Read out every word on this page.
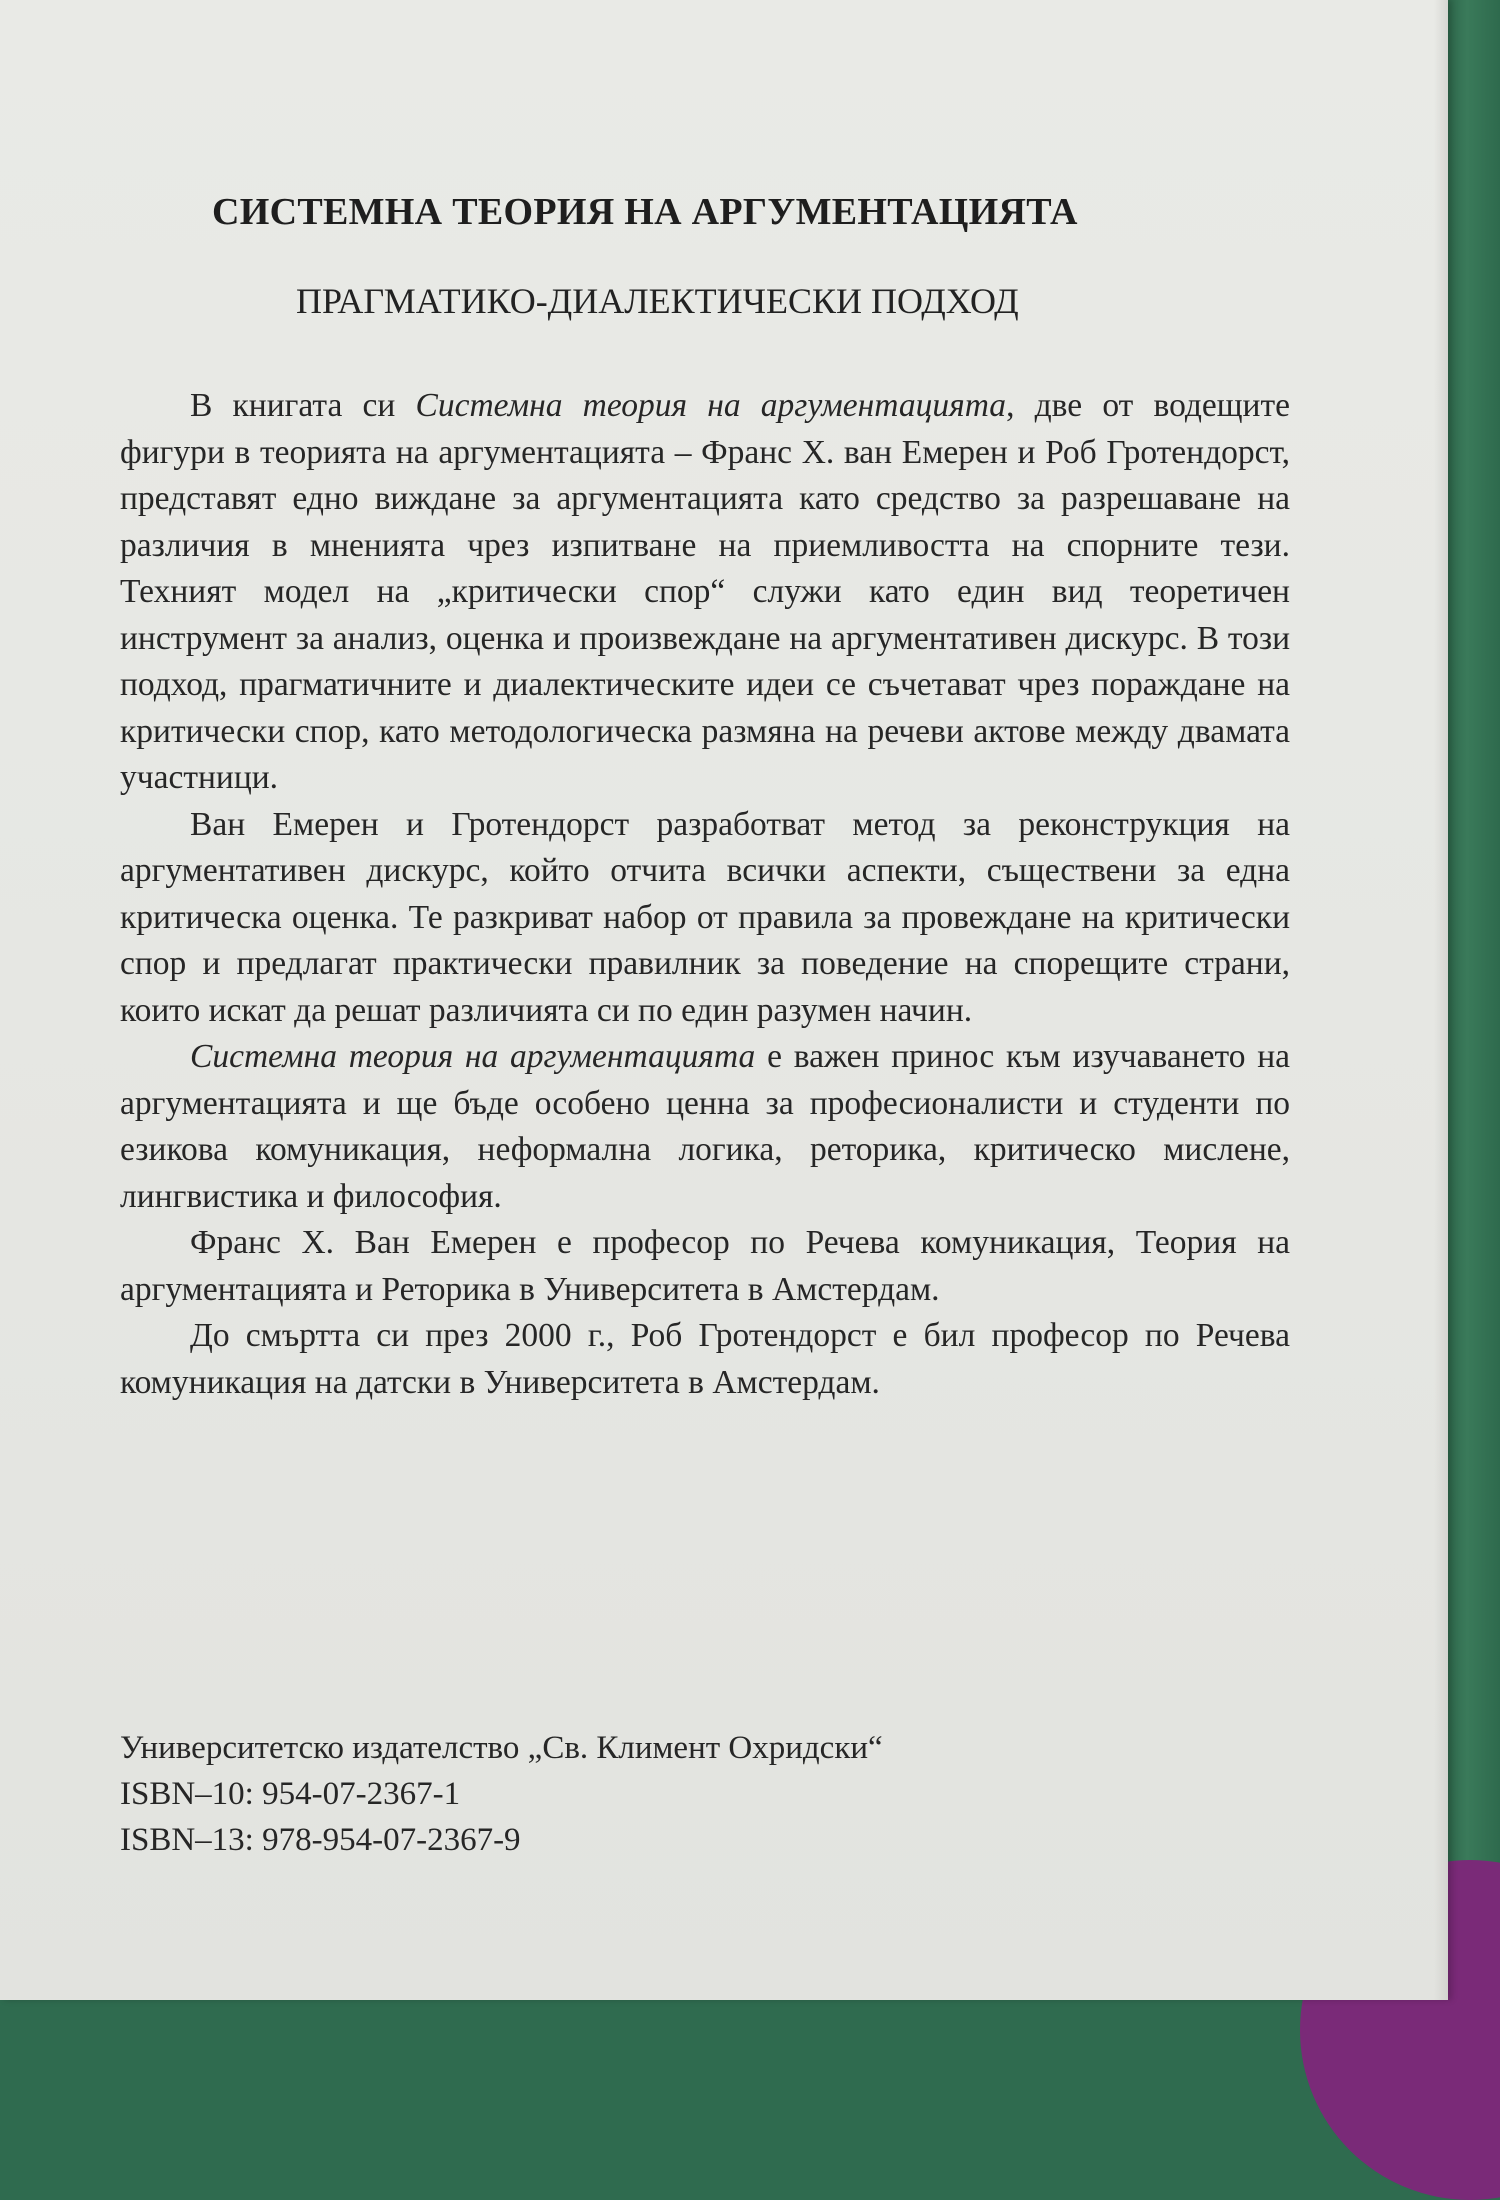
СИСТЕМНА ТЕОРИЯ НА АРГУМЕНТАЦИЯТА
ПРАГМАТИКО-ДИАЛЕКТИЧЕСКИ ПОДХОД

В книгата си Системна теория на аргументацията, две от водещите фигури в теорията на аргументацията – Франс Х. ван Емерен и Роб Гротендорст, представят едно виждане за аргументацията като средство за разрешаване на различия в мненията чрез изпитване на приемливостта на спорните тези. Техният модел на „критически спор“ служи като един вид теоретичен инструмент за анализ, оценка и произвеждане на аргументативен дискурс. В този подход, прагматичните и диалектическите идеи се съчетават чрез пораждане на критически спор, като методологическа размяна на речеви актове между двамата участници.

Ван Емерен и Гротендорст разработват метод за реконструкция на аргументативен дискурс, който отчита всички аспекти, съществени за една критическа оценка. Те разкриват набор от правила за провеждане на критически спор и предлагат практически правилник за поведение на спорещите страни, които искат да решат различията си по един разумен начин.

Системна теория на аргументацията е важен принос към изучаването на аргументацията и ще бъде особено ценна за професионалисти и студенти по езикова комуникация, неформална логика, реторика, критическо мислене, лингвистика и философия.

Франс Х. Ван Емерен е професор по Речева комуникация, Теория на аргументацията и Реторика в Университета в Амстердам.

До смъртта си през 2000 г., Роб Гротендорст е бил професор по Речева комуникация на датски в Университета в Амстердам.

Университетско издателство „Св. Климент Охридски“
ISBN–10: 954-07-2367-1
ISBN–13: 978-954-07-2367-9
